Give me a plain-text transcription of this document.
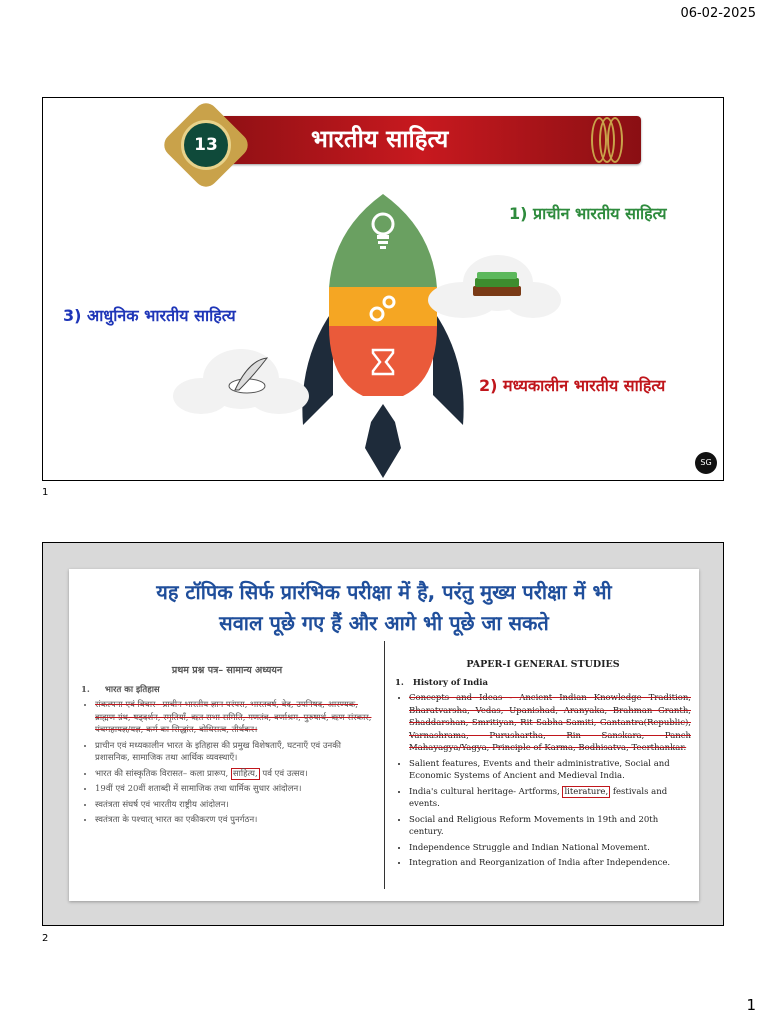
06-02-2025
भारतीय साहित्य
13
1) प्राचीन भारतीय साहित्य
2) मध्यकालीन भारतीय साहित्य
3) आधुनिक भारतीय साहित्य
SG
1
यह टॉपिक सिर्फ प्रारंभिक परीक्षा में है, परंतु मुख्य परीक्षा में भी
सवाल पूछे गए हैं और आगे भी पूछे जा सकते
प्रथम प्रश्न पत्र– सामान्य अध्ययन
1. भारत का इतिहास
• संकल्पना एवं विचार– प्राचीन भारतीय ज्ञान परंपरा, भारतवर्ष, वेद, उपनिषद, आरण्यक, ब्राह्मण ग्रंथ, षड्दर्शन, स्मृतियाँ, ऋत सभा समिति, गणतंत्र, वर्णाश्रम, पुरुषार्थ, ऋण संस्कार, पंचमहायज्ञ/यज्ञ, कर्म का सिद्धांत, बोधिसत्व, तीर्थंकर।
• प्राचीन एवं मध्यकालीन भारत के इतिहास की प्रमुख विशेषताएँ, घटनाएँ एवं उनकी प्रशासनिक, सामाजिक तथा आर्थिक व्यवस्थाएँ।
• भारत की सांस्कृतिक विरासत– कला प्रारूप, साहित्य, पर्व एवं उत्सव।
• 19वीं एवं 20वीं शताब्दी में सामाजिक तथा धार्मिक सुधार आंदोलन।
• स्वतंत्रता संघर्ष एवं भारतीय राष्ट्रीय आंदोलन।
• स्वतंत्रता के पश्चात् भारत का एकीकरण एवं पुनर्गठन।
PAPER-I GENERAL STUDIES
1. History of India
• Concepts and Ideas - Ancient Indian Knowledge Tradition, Bharatvarsha, Vedas, Upanishad, Aranyaka, Brahman Granth, Shaddarshan, Smritiyan, Rit Sabha-Samiti, Gantantra(Republic), Varnashrama, Purushartha, Rin Sanskara, Panch Mahayagya/Yagya, Principle of Karma, Bodhisatva, Teerthankar.
• Salient features, Events and their administrative, Social and Economic Systems of Ancient and Medieval India.
• India's cultural heritage- Artforms, literature, festivals and events.
• Social and Religious Reform Movements in 19th and 20th century.
• Independence Struggle and Indian National Movement.
• Integration and Reorganization of India after Independence.
2
1
